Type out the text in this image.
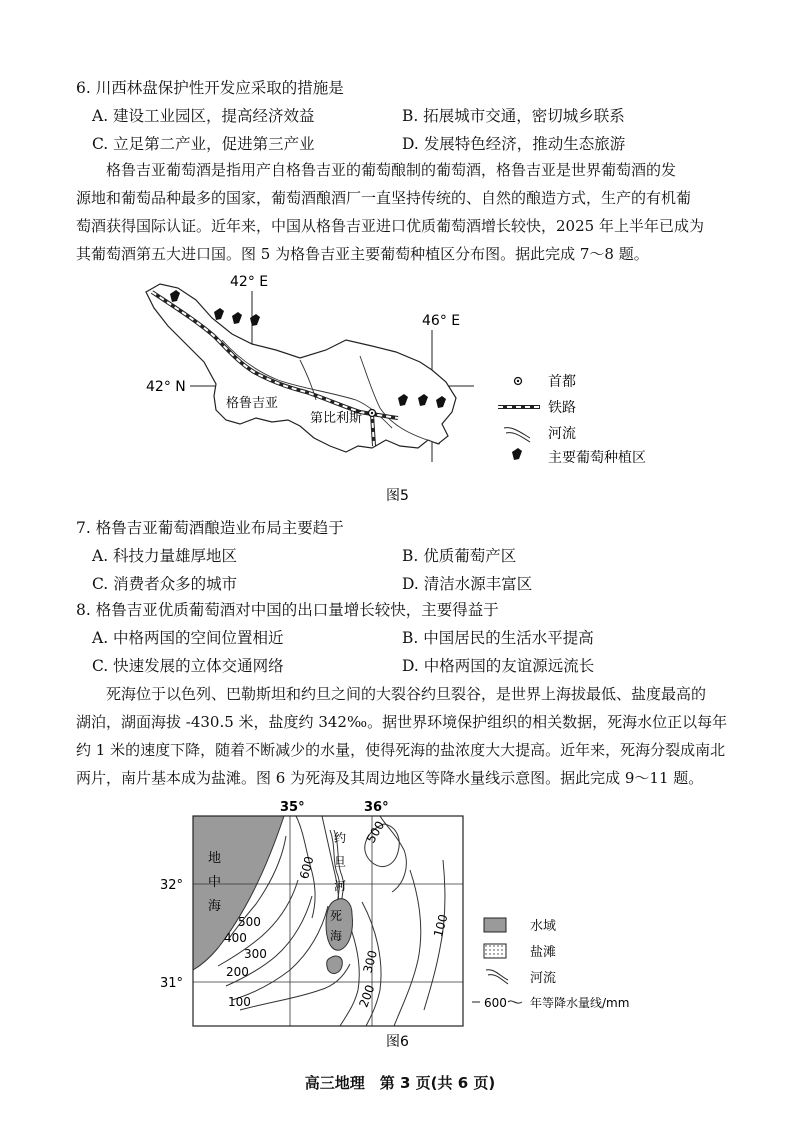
6. 川西林盘保护性开发应采取的措施是
A. 建设工业园区，提高经济效益	B. 拓展城市交通，密切城乡联系
C. 立足第二产业，促进第三产业	D. 发展特色经济，推动生态旅游
格鲁吉亚葡萄酒是指用产自格鲁吉亚的葡萄酿制的葡萄酒，格鲁吉亚是世界葡萄酒的发
源地和葡萄品种最多的国家，葡萄酒酿酒厂一直坚持传统的、自然的酿造方式，生产的有机葡
萄酒获得国际认证。近年来，中国从格鲁吉亚进口优质葡萄酒增长较快，2025 年上半年已成为
其葡萄酒第五大进口国。图 5 为格鲁吉亚主要葡萄种植区分布图。据此完成 7～8 题。
42° E
46° E
42° N
格鲁吉亚
第比利斯
首都
铁路
河流
主要葡萄种植区
图5
7. 格鲁吉亚葡萄酒酿造业布局主要趋于
A. 科技力量雄厚地区	B. 优质葡萄产区
C. 消费者众多的城市	D. 清洁水源丰富区
8. 格鲁吉亚优质葡萄酒对中国的出口量增长较快，主要得益于
A. 中格两国的空间位置相近	B. 中国居民的生活水平提高
C. 快速发展的立体交通网络	D. 中格两国的友谊源远流长
死海位于以色列、巴勒斯坦和约旦之间的大裂谷约旦裂谷，是世界上海拔最低、盐度最高的
湖泊，湖面海拔 -430.5 米，盐度约 342‰。据世界环境保护组织的相关数据，死海水位正以每年
约 1 米的速度下降，随着不断减少的水量，使得死海的盐浓度大大提高。近年来，死海分裂成南北
两片，南片基本成为盐滩。图 6 为死海及其周边地区等降水量线示意图。据此完成 9～11 题。
35°	36°
32°
31°
地
中
海
约
旦
河
死
海
600
500
500
400
300	300
200
200
100
100	水域
盐滩
河流
600 年等降水量线/mm
图6
高三地理　第 3 页(共 6 页)
